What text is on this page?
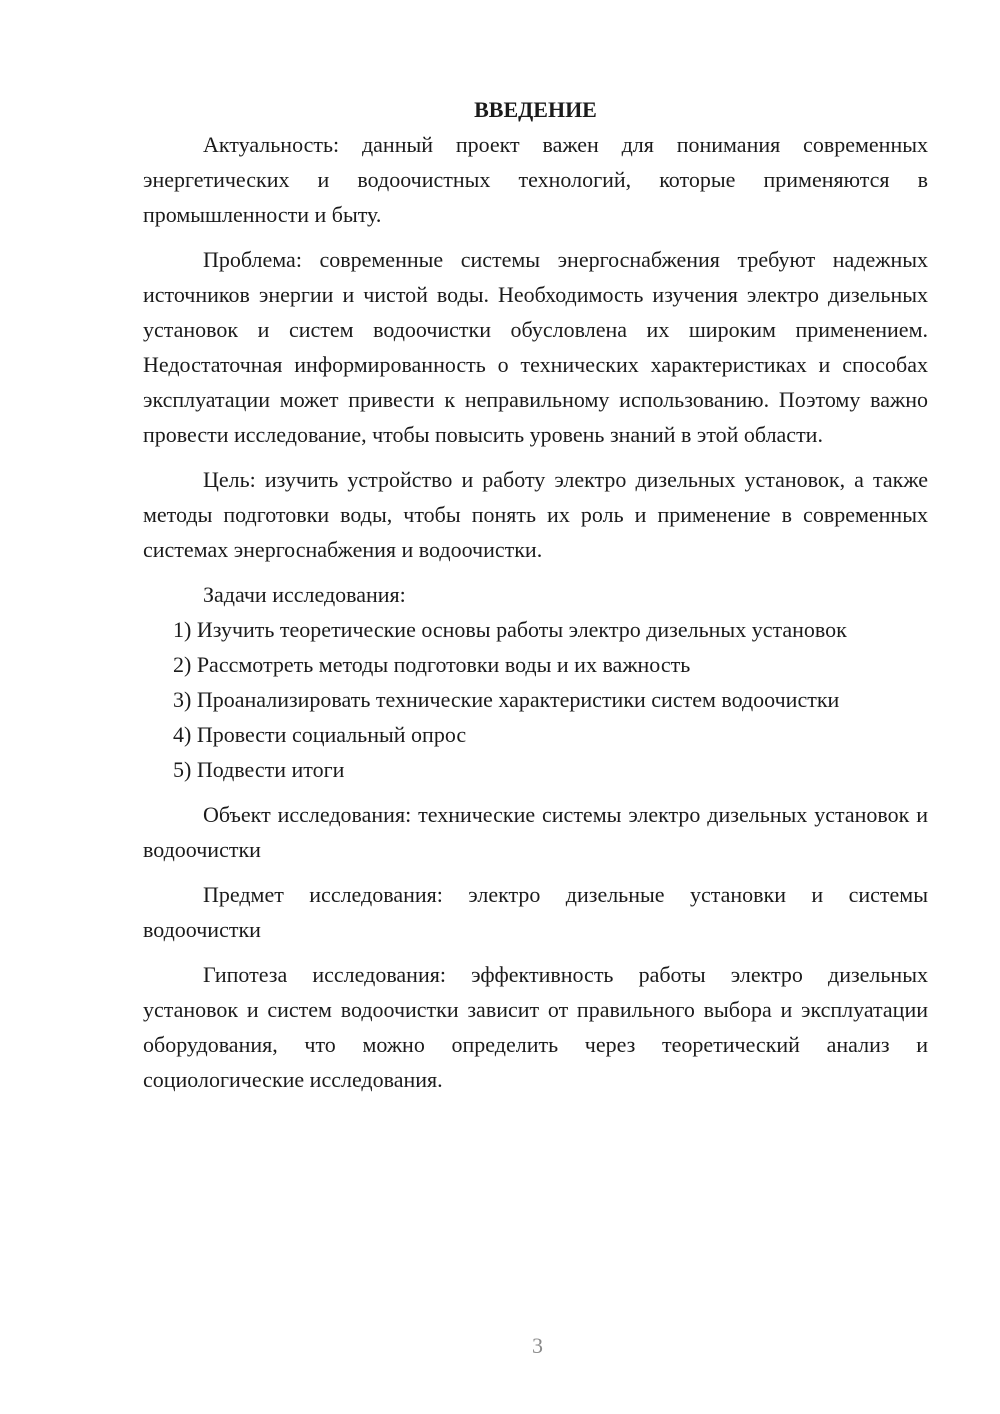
ВВЕДЕНИЕ

Актуальность: данный проект важен для понимания современных энергетических и водоочистных технологий, которые применяются в промышленности и быту.

Проблема: современные системы энергоснабжения требуют надежных источников энергии и чистой воды. Необходимость изучения электро дизельных установок и систем водоочистки обусловлена их широким применением. Недостаточная информированность о технических характеристиках и способах эксплуатации может привести к неправильному использованию. Поэтому важно провести исследование, чтобы повысить уровень знаний в этой области.

Цель: изучить устройство и работу электро дизельных установок, а также методы подготовки воды, чтобы понять их роль и применение в современных системах энергоснабжения и водоочистки.

Задачи исследования:

1) Изучить теоретические основы работы электро дизельных установок

2) Рассмотреть методы подготовки воды и их важность

3) Проанализировать технические характеристики систем водоочистки

4) Провести социальный опрос

5) Подвести итоги

Объект исследования: технические системы электро дизельных установок и водоочистки

Предмет исследования: электро дизельные установки и системы водоочистки

Гипотеза исследования: эффективность работы электро дизельных установок и систем водоочистки зависит от правильного выбора и эксплуатации оборудования, что можно определить через теоретический анализ и социологические исследования.

3
